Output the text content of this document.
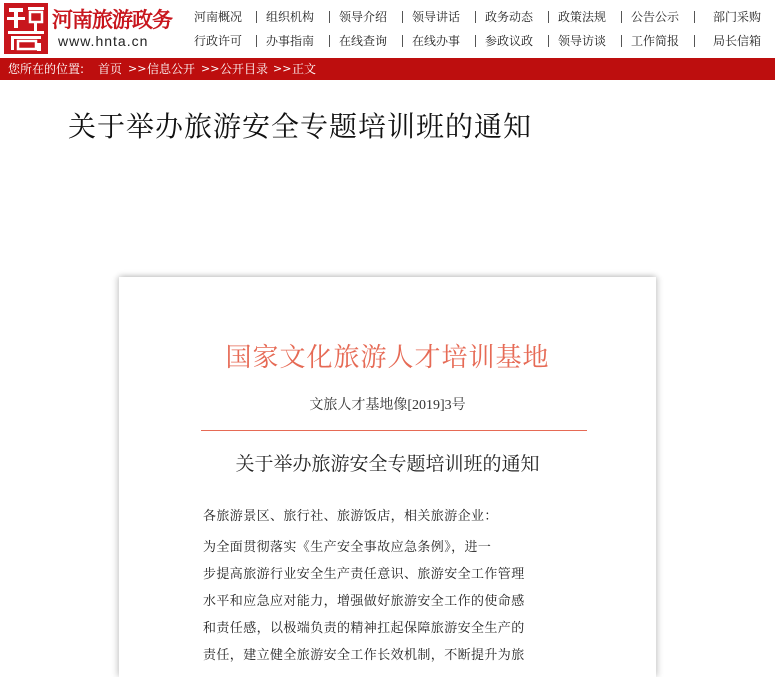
河南旅游政务
www.hnta.cn
河南概况 组织机构 领导介绍 领导讲话 政务动态 政策法规 公告公示	部门采购
行政许可 办事指南 在线查询 在线办事 参政议政 领导访谈 工作简报	局长信箱
您所在的位置: 首页 >> 信息公开 >> 公开目录 >> 正文
关于举办旅游安全专题培训班的通知
国家文化旅游人才培训基地
文旅人才基地像[2019]3号
关于举办旅游安全专题培训班的通知
各旅游景区、旅行社、旅游饭店，相关旅游企业：
为全面贯彻落实《生产安全事故应急条例》，进一
步提高旅游行业安全生产责任意识、旅游安全工作管理
水平和应急应对能力，增强做好旅游安全工作的使命感
和责任感，以极端负责的精神扛起保障旅游安全生产的
责任，建立健全旅游安全工作长效机制，不断提升为旅
